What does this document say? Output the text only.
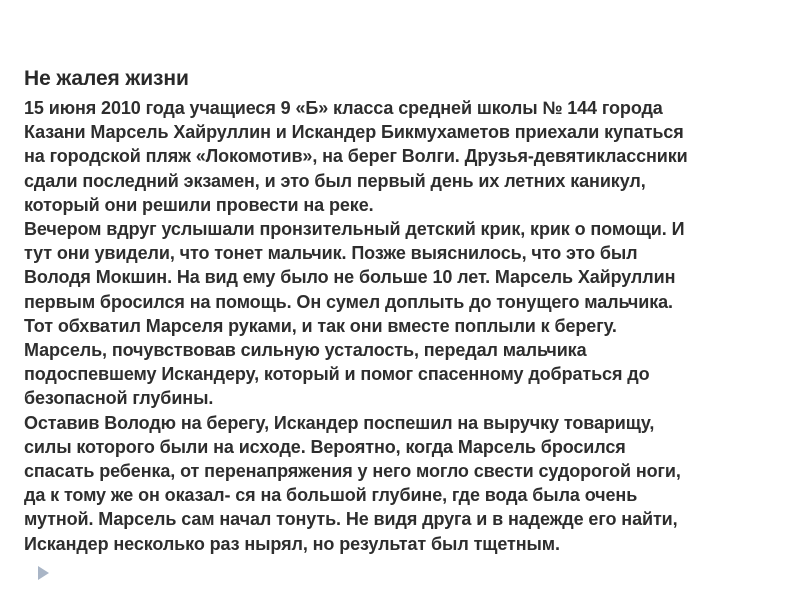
Не жалея жизни

15 июня 2010 года учащиеся 9 «Б» класса средней школы № 144 города
Казани Марсель Хайруллин и Искандер Бикмухаметов приехали купаться
на городской пляж «Локомотив», на берег Волги. Друзья-девятиклассники
сдали последний экзамен, и это был первый день их летних каникул,
который они решили провести на реке.

Вечером вдруг услышали пронзительный детский крик, крик о помощи. И
тут они увидели, что тонет мальчик. Позже выяснилось, что это был
Володя Мокшин. На вид ему было не больше 10 лет. Марсель Хайруллин
первым бросился на помощь. Он сумел доплыть до тонущего мальчика.
Тот обхватил Марселя руками, и так они вместе поплыли к берегу.
Марсель, почувствовав сильную усталость, передал мальчика
подоспевшему Искандеру, который и помог спасенному добраться до
безопасной глубины.

Оставив Володю на берегу, Искандер поспешил на выручку товарищу,
силы которого были на исходе. Вероятно, когда Марсель бросился
спасать ребенка, от перенапряжения у него могло свести судорогой ноги,
да к тому же он оказал- ся на большой глубине, где вода была очень
мутной. Марсель сам начал тонуть. Не видя друга и в надежде его найти,
Искандер несколько раз нырял, но результат был тщетным.
